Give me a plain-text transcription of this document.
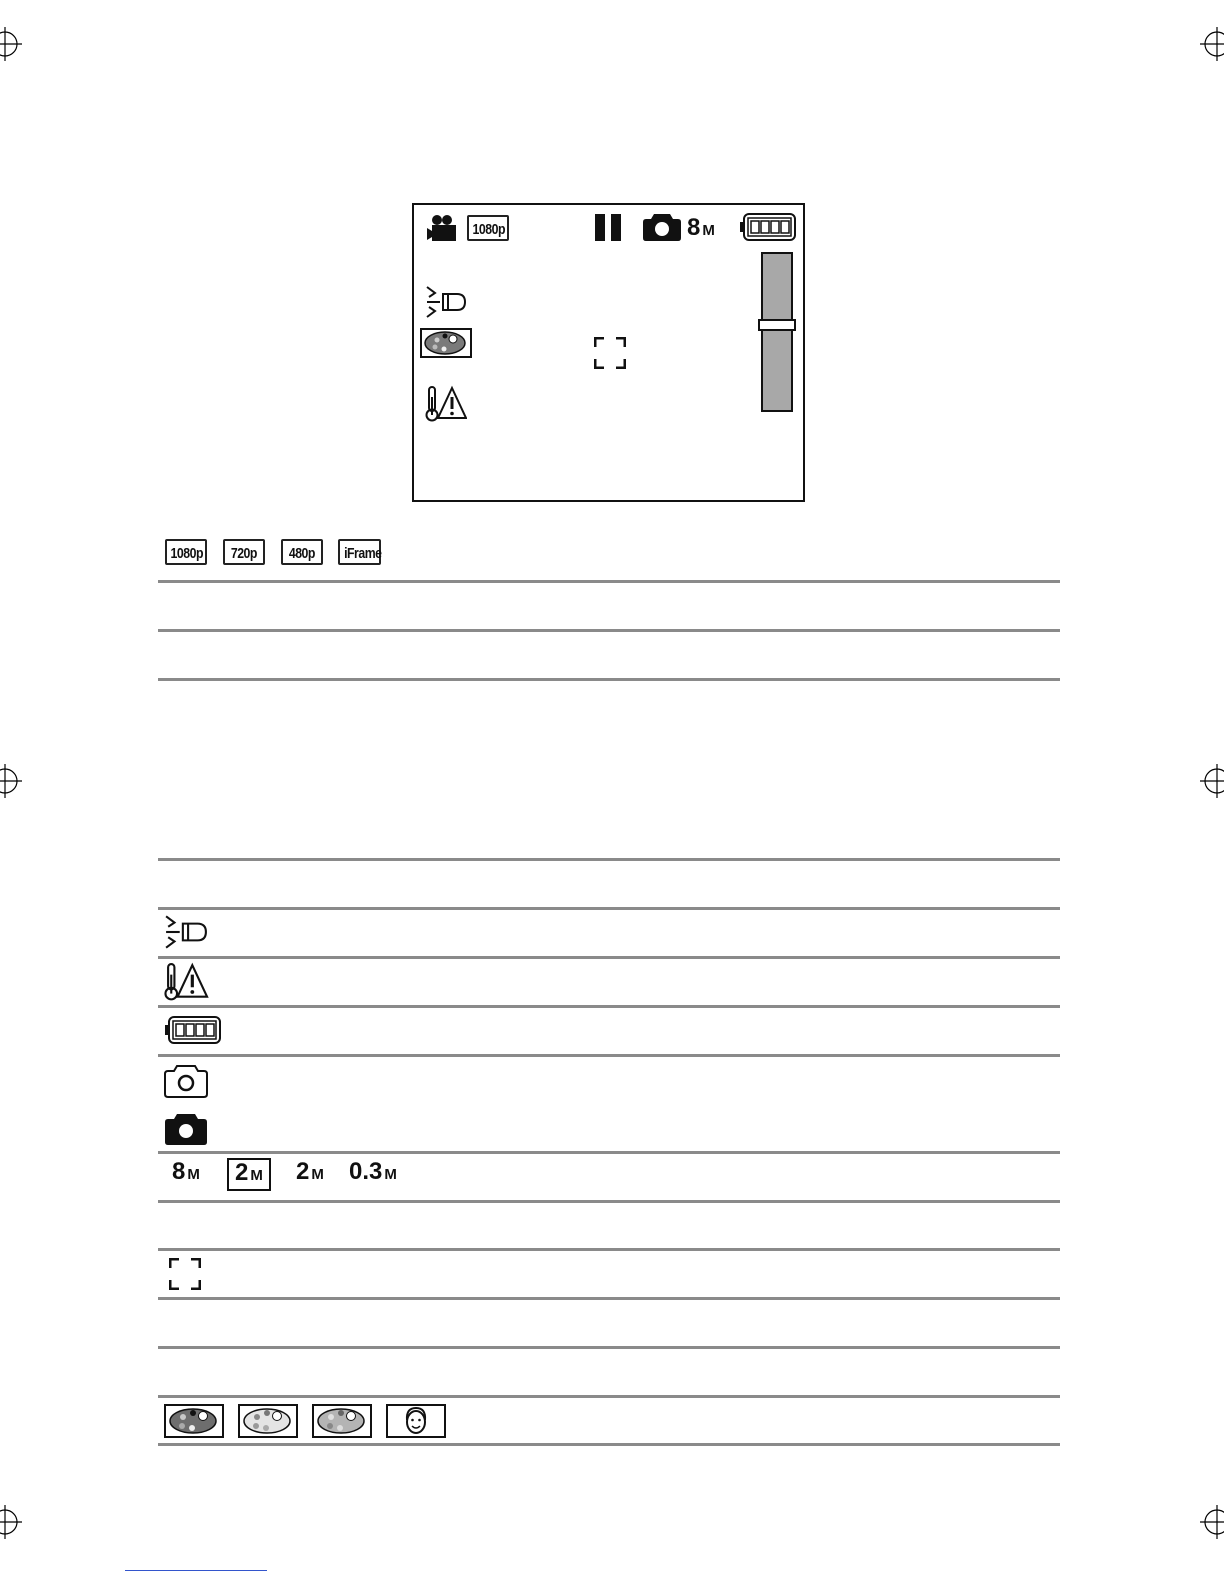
1080p	8 M
1080p	720p	480p	iFrame
8 M	2 M	2 M 0.3 M
